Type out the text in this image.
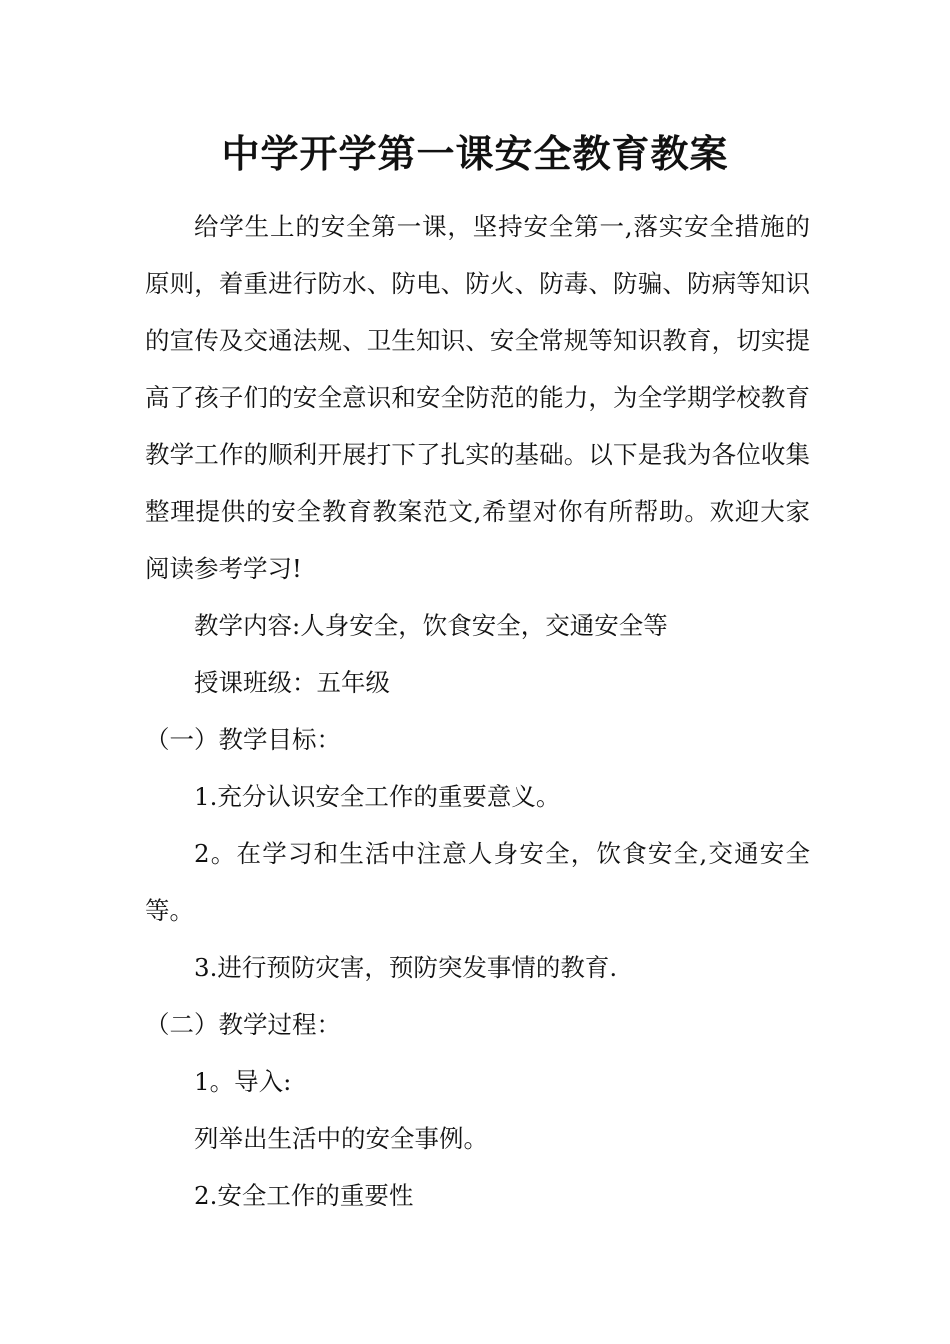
中学开学第一课安全教育教案

给学生上的安全第一课，坚持安全第一,落实安全措施的原则，着重进行防水、防电、防火、防毒、防骗、防病等知识的宣传及交通法规、卫生知识、安全常规等知识教育，切实提高了孩子们的安全意识和安全防范的能力，为全学期学校教育教学工作的顺利开展打下了扎实的基础。以下是我为各位收集整理提供的安全教育教案范文,希望对你有所帮助。欢迎大家阅读参考学习!

教学内容:人身安全，饮食安全，交通安全等

授课班级：五年级

（一）教学目标：

1.充分认识安全工作的重要意义。

2。在学习和生活中注意人身安全，饮食安全,交通安全等。

3.进行预防灾害，预防突发事情的教育.

（二）教学过程：

1。导入:

列举出生活中的安全事例。

2.安全工作的重要性
